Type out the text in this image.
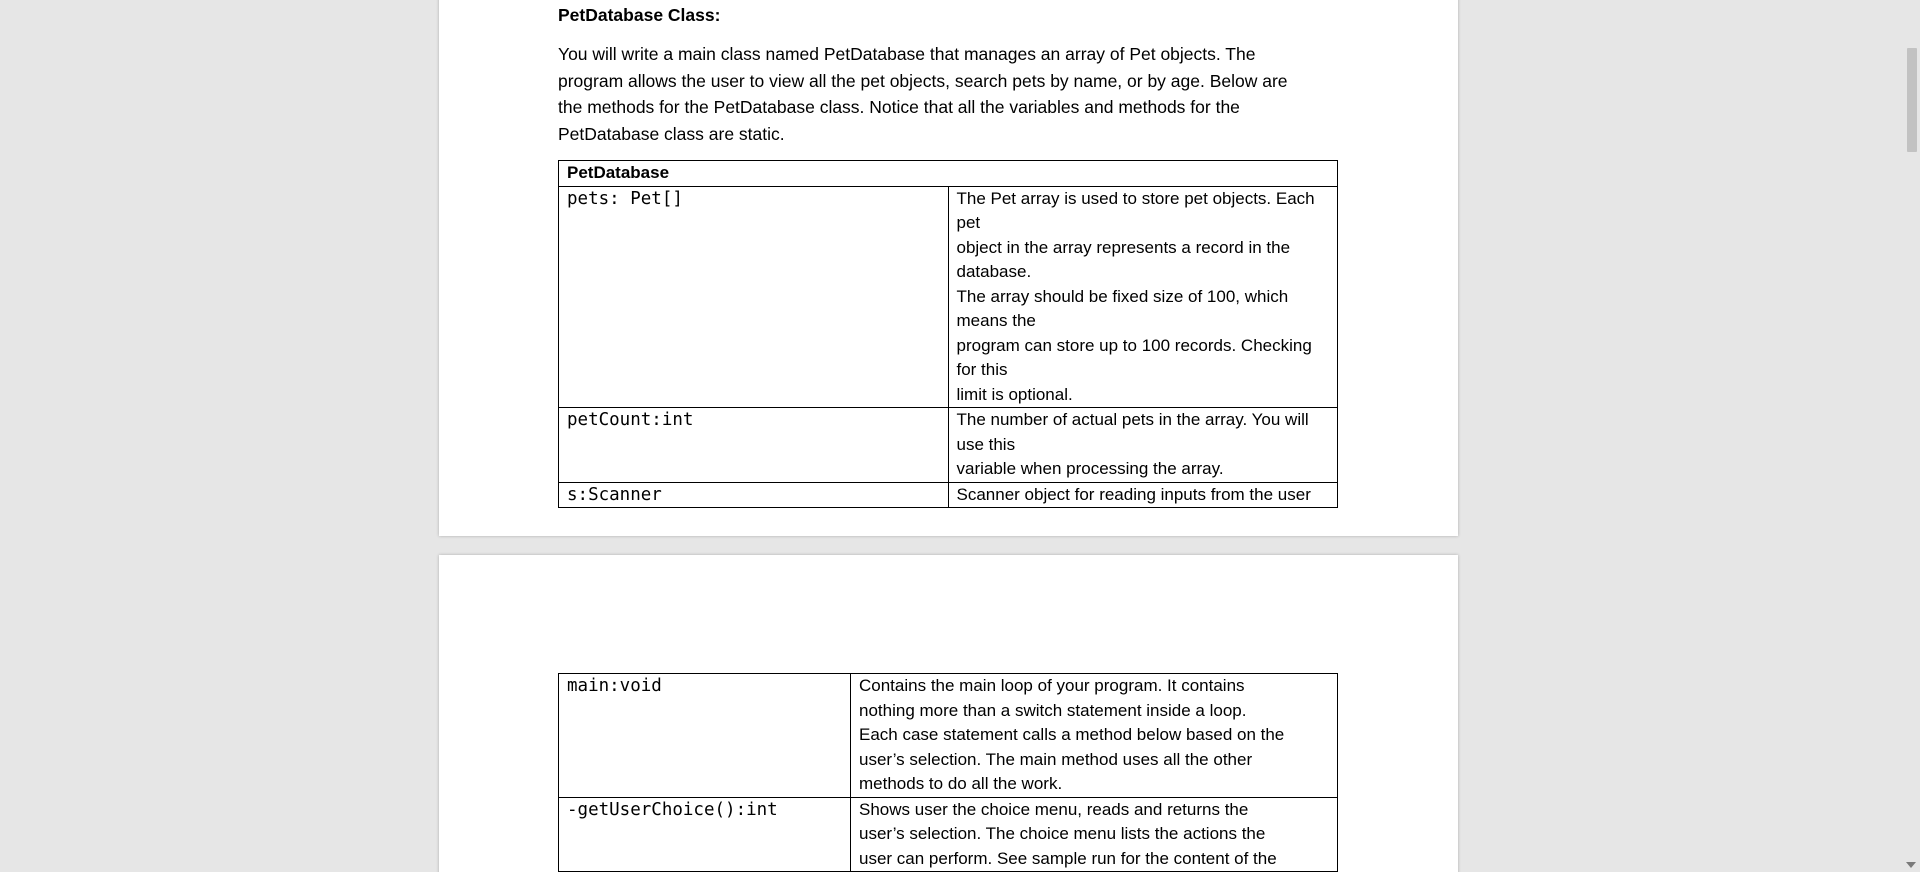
PetDatabase Class:
You will write a main class named PetDatabase that manages an array of Pet objects. The
program allows the user to view all the pet objects, search pets by name, or by age. Below are
the methods for the PetDatabase class. Notice that all the variables and methods for the
PetDatabase class are static.
PetDatabase	
pets: Pet[]	The Pet array is used to store pet objects. Each pet
object in the array represents a record in the database.
The array should be fixed size of 100, which means the
program can store up to 100 records. Checking for this
limit is optional.

petCount:int	The number of actual pets in the array. You will use this
variable when processing the array.

s:Scanner	Scanner object for reading inputs from the user
main:void	Contains the main loop of your program. It contains
nothing more than a switch statement inside a loop.
Each case statement calls a method below based on the
user’s selection. The main method uses all the other
methods to do all the work.

-getUserChoice():int	Shows user the choice menu, reads and returns the
user’s selection. The choice menu lists the actions the
user can perform. See sample run for the content of the
